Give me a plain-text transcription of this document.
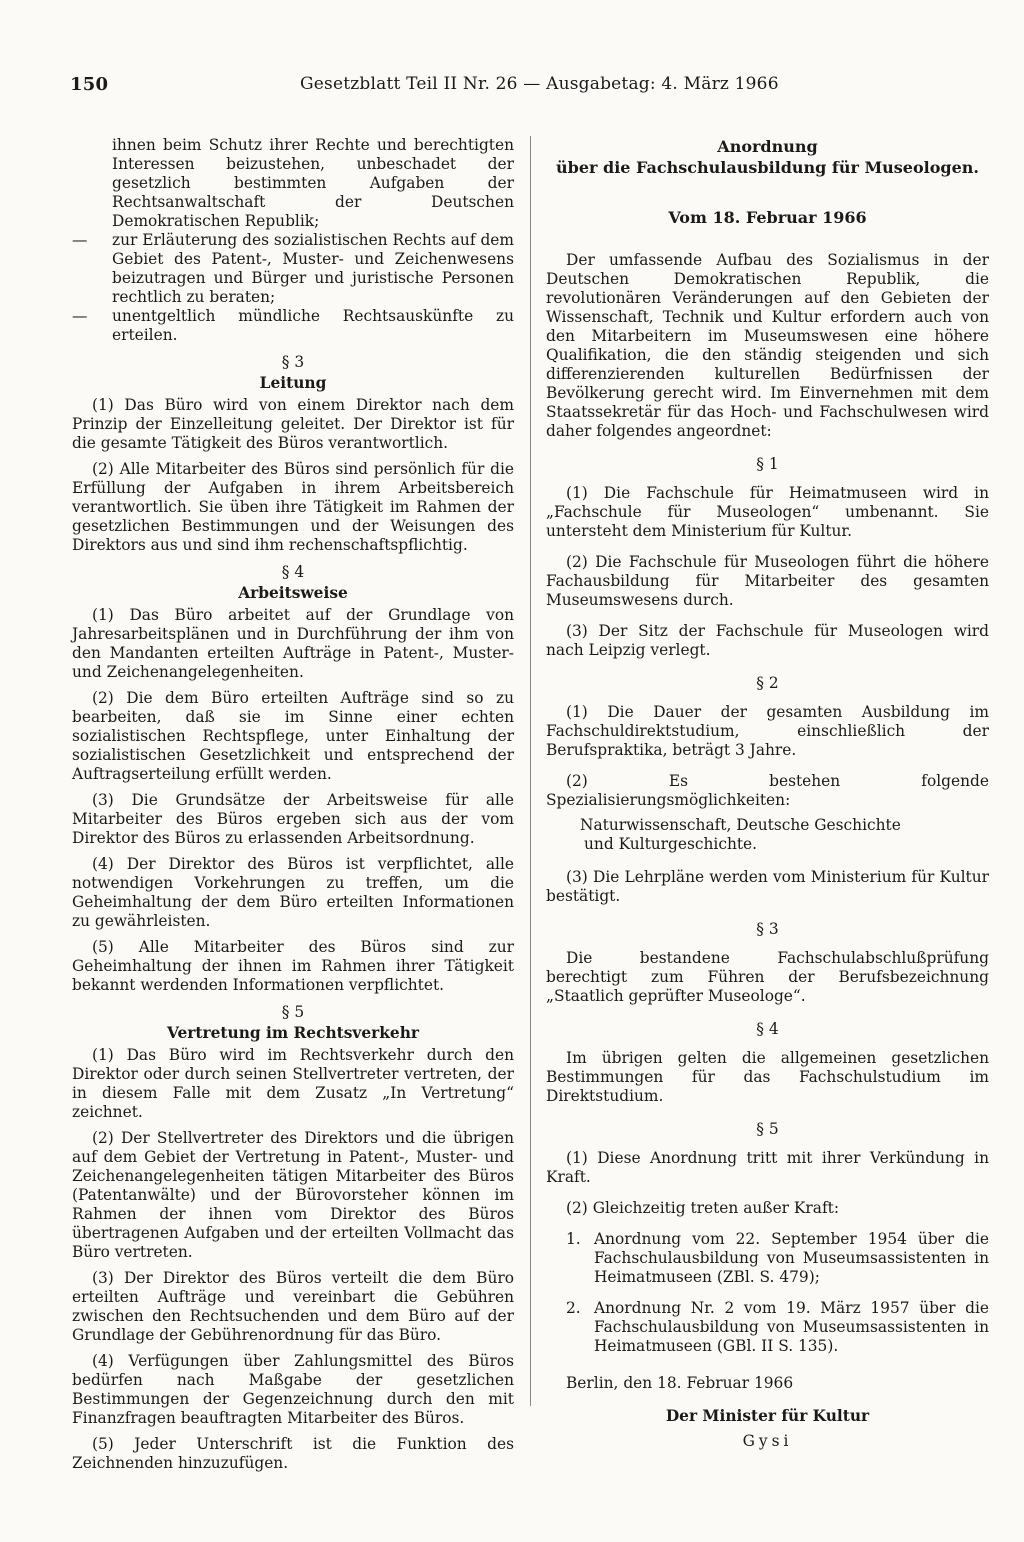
150	Gesetzblatt Teil II Nr. 26 — Ausgabetag: 4. März 1966

ihnen beim Schutz ihrer Rechte und berechtigten Interessen beizustehen, unbeschadet der gesetzlich bestimmten Aufgaben der Rechtsanwaltschaft der Deutschen Demokratischen Republik;

—	zur Erläuterung des sozialistischen Rechts auf dem Gebiet des Patent-, Muster- und Zeichenwesens beizutragen und Bürger und juristische Personen rechtlich zu beraten;
—	unentgeltlich mündliche Rechtsauskünfte zu erteilen.
§ 3
Leitung

(1) Das Büro wird von einem Direktor nach dem Prinzip der Einzelleitung geleitet. Der Direktor ist für die gesamte Tätigkeit des Büros verantwortlich.

(2) Alle Mitarbeiter des Büros sind persönlich für die Erfüllung der Aufgaben in ihrem Arbeitsbereich verantwortlich. Sie üben ihre Tätigkeit im Rahmen der gesetzlichen Bestimmungen und der Weisungen des Direktors aus und sind ihm rechenschaftspflichtig.

§ 4
Arbeitsweise

(1) Das Büro arbeitet auf der Grundlage von Jahresarbeitsplänen und in Durchführung der ihm von den Mandanten erteilten Aufträge in Patent-, Muster- und Zeichenangelegenheiten.

(2) Die dem Büro erteilten Aufträge sind so zu bearbeiten, daß sie im Sinne einer echten sozialistischen Rechtspflege, unter Einhaltung der sozialistischen Gesetzlichkeit und entsprechend der Auftragserteilung erfüllt werden.

(3) Die Grundsätze der Arbeitsweise für alle Mitarbeiter des Büros ergeben sich aus der vom Direktor des Büros zu erlassenden Arbeitsordnung.

(4) Der Direktor des Büros ist verpflichtet, alle notwendigen Vorkehrungen zu treffen, um die Geheimhaltung der dem Büro erteilten Informationen zu gewährleisten.

(5) Alle Mitarbeiter des Büros sind zur Geheimhaltung der ihnen im Rahmen ihrer Tätigkeit bekannt werdenden Informationen verpflichtet.

§ 5
Vertretung im Rechtsverkehr

(1) Das Büro wird im Rechtsverkehr durch den Direktor oder durch seinen Stellvertreter vertreten, der in diesem Falle mit dem Zusatz „In Vertretung“ zeichnet.

(2) Der Stellvertreter des Direktors und die übrigen auf dem Gebiet der Vertretung in Patent-, Muster- und Zeichenangelegenheiten tätigen Mitarbeiter des Büros (Patentanwälte) und der Bürovorsteher können im Rahmen der ihnen vom Direktor des Büros übertragenen Aufgaben und der erteilten Vollmacht das Büro vertreten.

(3) Der Direktor des Büros verteilt die dem Büro erteilten Aufträge und vereinbart die Gebühren zwischen den Rechtsuchenden und dem Büro auf der Grundlage der Gebührenordnung für das Büro.

(4) Verfügungen über Zahlungsmittel des Büros bedürfen nach Maßgabe der gesetzlichen Bestimmungen der Gegenzeichnung durch den mit Finanzfragen beauftragten Mitarbeiter des Büros.

(5) Jeder Unterschrift ist die Funktion des Zeichnenden hinzuzufügen.

Anordnung
über die Fachschulausbildung für Museologen.
Vom 18. Februar 1966

Der umfassende Aufbau des Sozialismus in der Deutschen Demokratischen Republik, die revolutionären Veränderungen auf den Gebieten der Wissenschaft, Technik und Kultur erfordern auch von den Mitarbeitern im Museumswesen eine höhere Qualifikation, die den ständig steigenden und sich differenzierenden kulturellen Bedürfnissen der Bevölkerung gerecht wird. Im Einvernehmen mit dem Staatssekretär für das Hoch- und Fachschulwesen wird daher folgendes angeordnet:

§ 1

(1) Die Fachschule für Heimatmuseen wird in „Fachschule für Museologen“ umbenannt. Sie untersteht dem Ministerium für Kultur.

(2) Die Fachschule für Museologen führt die höhere Fachausbildung für Mitarbeiter des gesamten Museumswesens durch.

(3) Der Sitz der Fachschule für Museologen wird nach Leipzig verlegt.

§ 2

(1) Die Dauer der gesamten Ausbildung im Fachschuldirektstudium, einschließlich der Berufspraktika, beträgt 3 Jahre.

(2) Es bestehen folgende Spezialisierungsmöglichkeiten:

Naturwissenschaft, Deutsche Geschichte
und Kulturgeschichte.

(3) Die Lehrpläne werden vom Ministerium für Kultur bestätigt.

§ 3

Die bestandene Fachschulabschlußprüfung berechtigt zum Führen der Berufsbezeichnung „Staatlich geprüfter Museologe“.

§ 4

Im übrigen gelten die allgemeinen gesetzlichen Bestimmungen für das Fachschulstudium im Direktstudium.

§ 5

(1) Diese Anordnung tritt mit ihrer Verkündung in Kraft.

(2) Gleichzeitig treten außer Kraft:

1. Anordnung vom 22. September 1954 über die Fachschulausbildung von Museumsassistenten in Heimatmuseen (ZBl. S. 479);
2. Anordnung Nr. 2 vom 19. März 1957 über die Fachschulausbildung von Museumsassistenten in Heimatmuseen (GBl. II S. 135).
Berlin, den 18. Februar 1966
Der Minister für Kultur
Gysi
